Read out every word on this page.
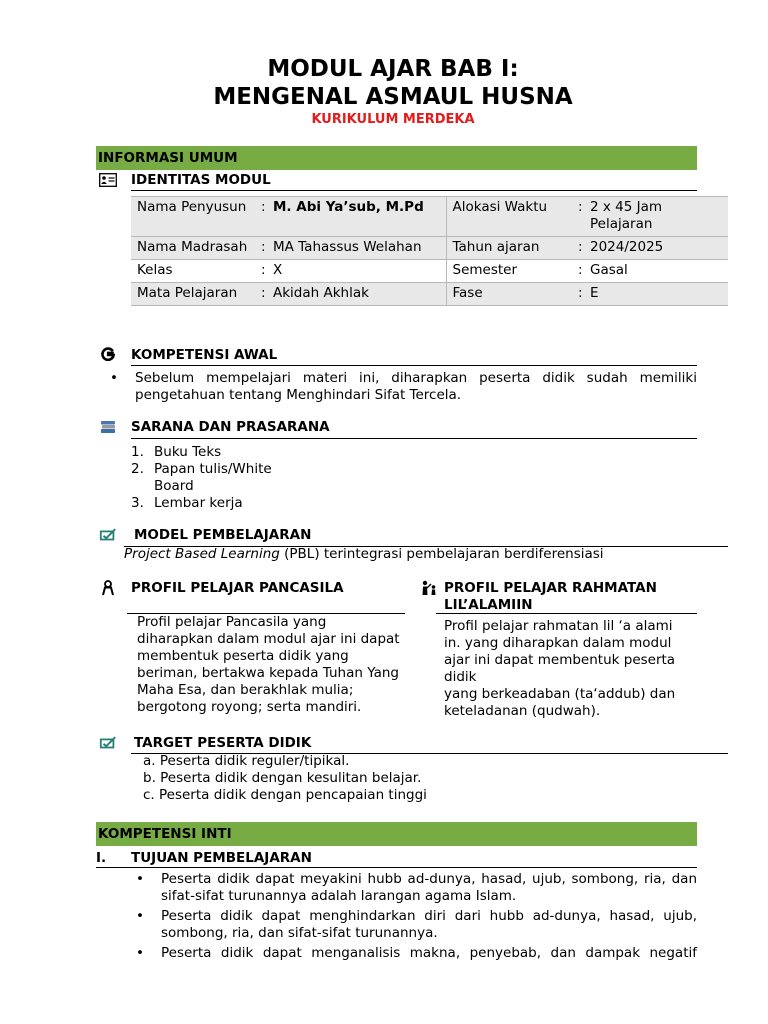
MODUL AJAR BAB I:
MENGENAL ASMAUL HUSNA
KURIKULUM MERDEKA
INFORMASI UMUM
IDENTITAS MODUL
Nama Penyusun	:	M. Abi Ya’sub, M.Pd	Alokasi Waktu	:	2 x 45 Jam Pelajaran
Nama Madrasah	:	MA Tahassus Welahan	Tahun ajaran	:	2024/2025
Kelas	:	X	Semester	:	Gasal
Mata Pelajaran	:	Akidah Akhlak	Fase	:	E
KOMPETENSI AWAL
• Sebelum mempelajari materi ini, diharapkan peserta didik sudah memiliki pengetahuan tentang Menghindari Sifat Tercela.
SARANA DAN PRASARANA
1. Buku Teks
2. Papan tulis/White Board
3. Lembar kerja
MODEL PEMBELAJARAN
Project Based Learning (PBL) terintegrasi pembelajaran berdiferensiasi
PROFIL PELAJAR PANCASILA
Profil pelajar Pancasila yang diharapkan dalam modul ajar ini dapat membentuk peserta didik yang beriman, bertakwa kepada Tuhan Yang Maha Esa, dan berakhlak mulia; bergotong royong; serta mandiri.
PROFIL PELAJAR RAHMATAN
LIL’ALAMIIN
Profil pelajar rahmatan lil ‘a alami
in. yang diharapkan dalam modul ajar ini dapat membentuk peserta didik
yang berkeadaban (ta‘addub) dan keteladanan (qudwah).
TARGET PESERTA DIDIK
a. Peserta didik reguler/tipikal.
b. Peserta didik dengan kesulitan belajar.
c. Peserta didik dengan pencapaian tinggi
KOMPETENSI INTI
I. TUJUAN PEMBELAJARAN
• Peserta didik dapat meyakini hubb ad-dunya, hasad, ujub, sombong, ria, dan sifat-sifat turunannya adalah larangan agama Islam.
• Peserta didik dapat menghindarkan diri dari hubb ad-dunya, hasad, ujub, sombong, ria, dan sifat-sifat turunannya.
• Peserta didik dapat menganalisis makna, penyebab, dan dampak negatif
